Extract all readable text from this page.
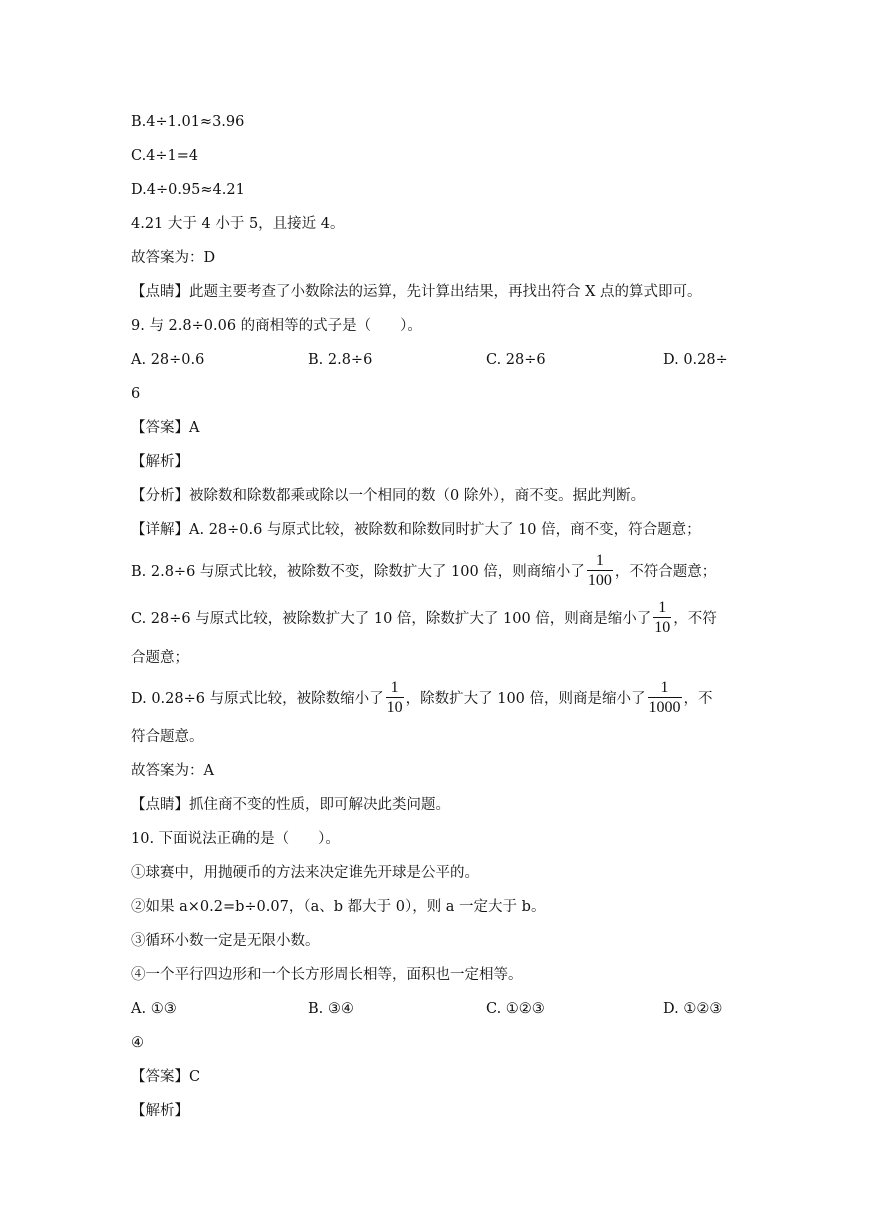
B.4÷1.01≈3.96
C.4÷1=4
D.4÷0.95≈4.21
4.21 大于 4 小于 5，且接近 4。
故答案为：D
【点睛】此题主要考查了小数除法的运算，先计算出结果，再找出符合 X 点的算式即可。
9. 与 2.8÷0.06 的商相等的式子是（　　）。
A. 28÷0.6	B. 2.8÷6	C. 28÷6	D. 0.28÷
6
【答案】A
【解析】
【分析】被除数和除数都乘或除以一个相同的数（0 除外），商不变。据此判断。
【详解】A. 28÷0.6 与原式比较，被除数和除数同时扩大了 10 倍，商不变，符合题意；
B. 2.8÷6 与原式比较，被除数不变，除数扩大了 100 倍，则商缩小了 $\frac{1}{100}$ ，不符合题意；
C. 28÷6 与原式比较，被除数扩大了 10 倍，除数扩大了 100 倍，则商是缩小了 $\frac{1}{10}$ ，不符
合题意；
D. 0.28÷6 与原式比较，被除数缩小了 $\frac{1}{10}$ ，除数扩大了 100 倍，则商是缩小了 $\frac{1}{1000}$ ，不
符合题意。
故答案为：A
【点睛】抓住商不变的性质，即可解决此类问题。
10. 下面说法正确的是（　　）。
①球赛中，用抛硬币的方法来决定谁先开球是公平的。
②如果 a×0.2=b÷0.07，（a、b 都大于 0），则 a 一定大于 b。
③循环小数一定是无限小数。
④一个平行四边形和一个长方形周长相等，面积也一定相等。
A. ①③	B. ③④	C. ①②③	D. ①②③
④
【答案】C
【解析】
